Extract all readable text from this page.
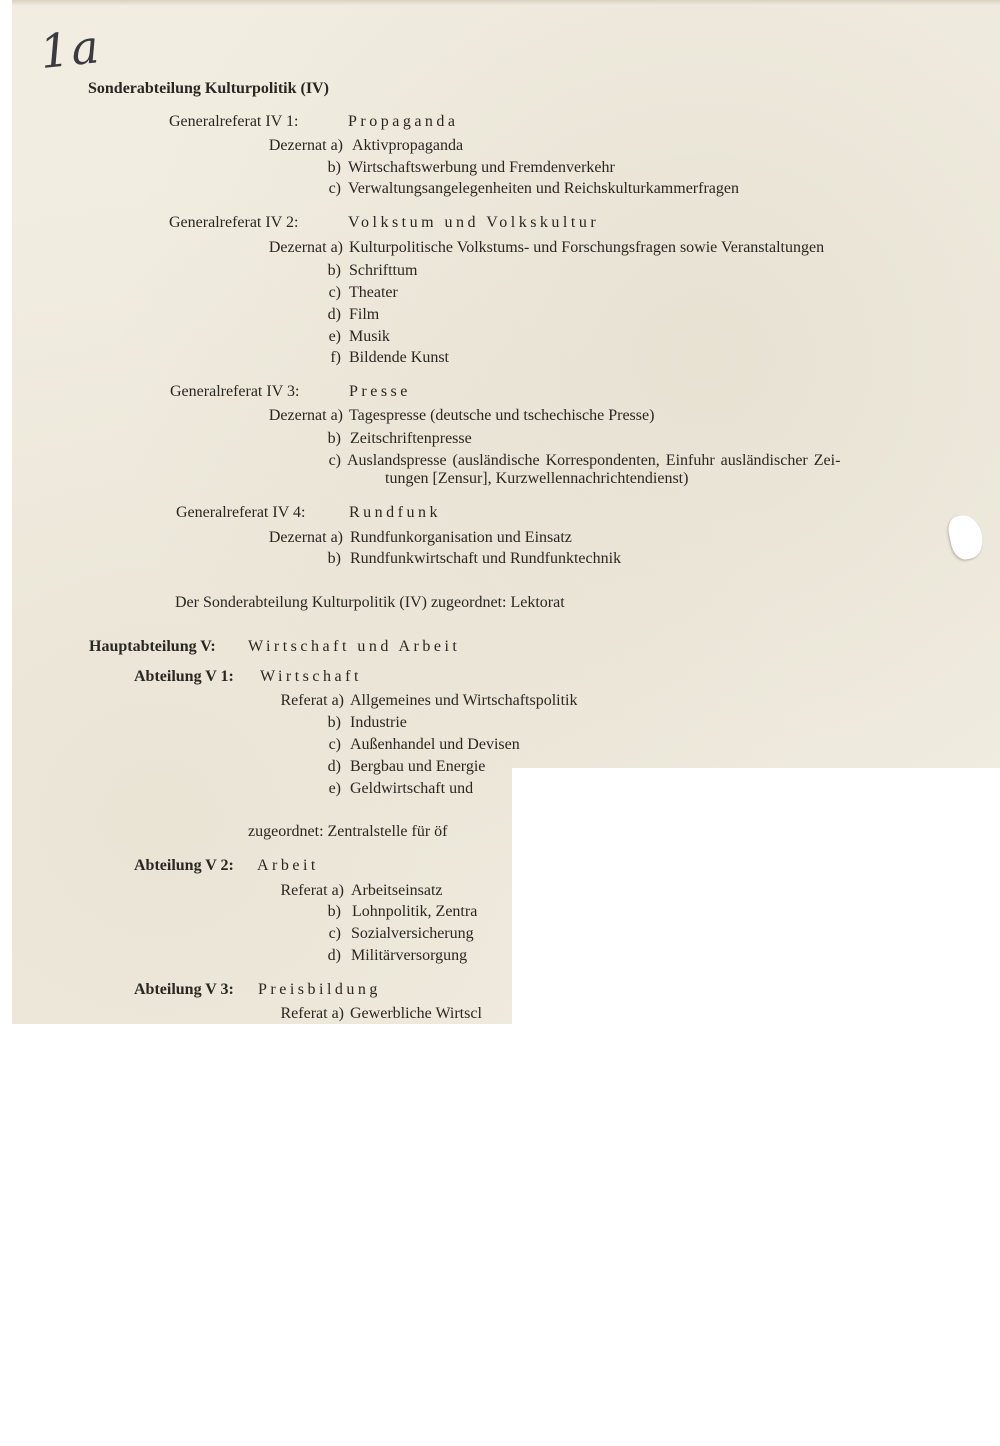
1a
Sonderabteilung Kulturpolitik (IV)
Generalreferat IV 1:	Propaganda
Dezernat a) Aktivpropaganda
b) Wirtschaftswerbung und Fremdenverkehr
c) Verwaltungsangelegenheiten und Reichskulturkammerfragen
Generalreferat IV 2:	Volkstum und Volkskultur
Dezernat a) Kulturpolitische Volkstums- und Forschungsfragen sowie Veranstaltungen
b) Schrifttum
c) Theater
d) Film
e) Musik
f) Bildende Kunst
Generalreferat IV 3:	Presse
Dezernat a) Tagespresse (deutsche und tschechische Presse)
b) Zeitschriftenpresse
c) Auslandspresse (ausländische Korrespondenten, Einfuhr ausländischer Zei-
tungen [Zensur], Kurzwellennachrichtendienst)
Generalreferat IV 4:	Rundfunk
Dezernat a) Rundfunkorganisation und Einsatz
b) Rundfunkwirtschaft und Rundfunktechnik
Der Sonderabteilung Kulturpolitik (IV) zugeordnet: Lektorat
Hauptabteilung V: Wirtschaft und Arbeit
Abteilung V 1: Wirtschaft
Referat a) Allgemeines und Wirtschaftspolitik
b) Industrie
c) Außenhandel und Devisen
d) Bergbau und Energie
e) Geldwirtschaft und
zugeordnet: Zentralstelle für öf
Abteilung V 2: Arbeit
Referat a) Arbeitseinsatz
b) Lohnpolitik, Zentra
c) Sozialversicherung
d) Militärversorgung
Abteilung V 3: Preisbildung
Referat a) Gewerbliche Wirtscl
